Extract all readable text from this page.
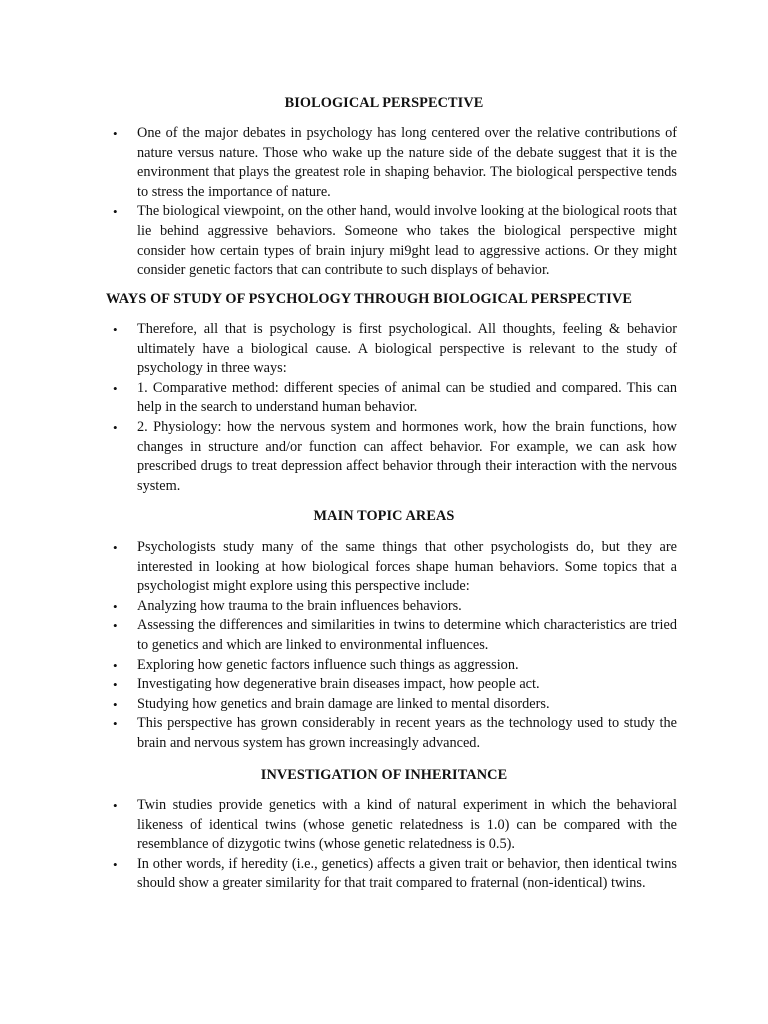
BIOLOGICAL PERSPECTIVE
•	One of the major debates in psychology has long centered over the relative contributions of nature versus nature. Those who wake up the nature side of the debate suggest that it is the environment that plays the greatest role in shaping behavior. The biological perspective tends to stress the importance of nature.
•	The biological viewpoint, on the other hand, would involve looking at the biological roots that lie behind aggressive behaviors. Someone who takes the biological perspective might consider how certain types of brain injury mi9ght lead to aggressive actions. Or they might consider genetic factors that can contribute to such displays of behavior.
WAYS OF STUDY OF PSYCHOLOGY THROUGH BIOLOGICAL PERSPECTIVE
•	Therefore, all that is psychology is first psychological. All thoughts, feeling & behavior ultimately have a biological cause. A biological perspective is relevant to the study of psychology in three ways:
•	1. Comparative method: different species of animal can be studied and compared. This can help in the search to understand human behavior.
•	2. Physiology: how the nervous system and hormones work, how the brain functions, how changes in structure and/or function can affect behavior. For example, we can ask how prescribed drugs to treat depression affect behavior through their interaction with the nervous system.
MAIN TOPIC AREAS
•	Psychologists study many of the same things that other psychologists do, but they are interested in looking at how biological forces shape human behaviors. Some topics that a psychologist might explore using this perspective include:
•	Analyzing how trauma to the brain influences behaviors.
•	Assessing the differences and similarities in twins to determine which characteristics are tried to genetics and which are linked to environmental influences.
•	Exploring how genetic factors influence such things as aggression.
•	Investigating how degenerative brain diseases impact, how people act.
•	Studying how genetics and brain damage are linked to mental disorders.
•	This perspective has grown considerably in recent years as the technology used to study the brain and nervous system has grown increasingly advanced.
INVESTIGATION OF INHERITANCE
•	Twin studies provide genetics with a kind of natural experiment in which the behavioral likeness of identical twins (whose genetic relatedness is 1.0) can be compared with the resemblance of dizygotic twins (whose genetic relatedness is 0.5).
•	In other words, if heredity (i.e., genetics) affects a given trait or behavior, then identical twins should show a greater similarity for that trait compared to fraternal (non-identical) twins.
